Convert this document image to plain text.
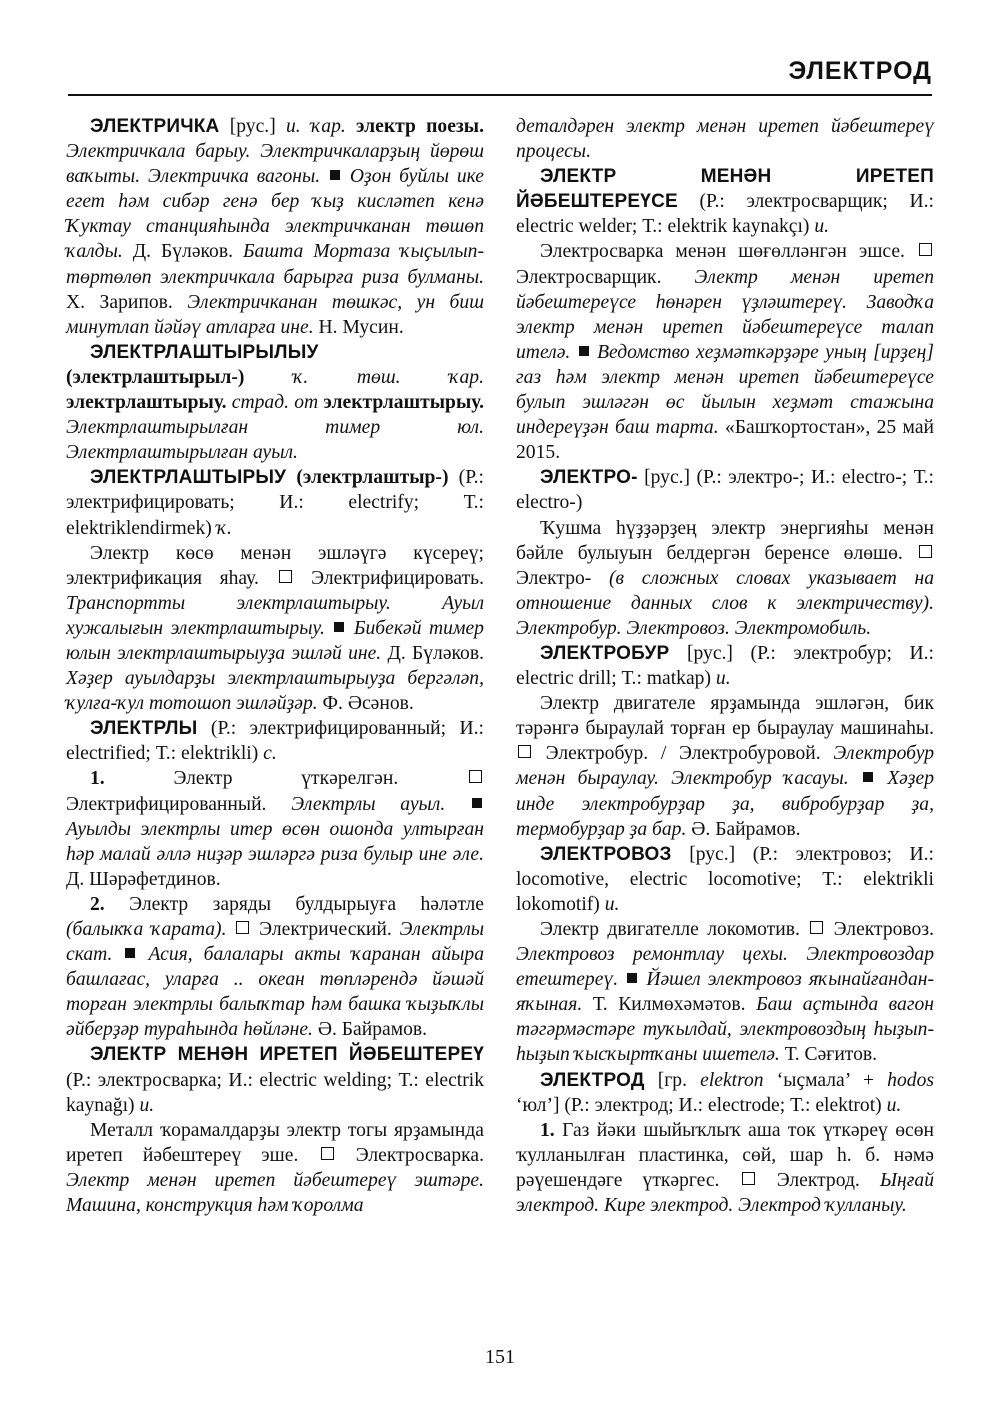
ЭЛЕКТРОД

ЭЛЕКТРИЧКА [рус.] и. ҡар. электр поезы. Электричкала барыу. Электричкаларҙың йөрөш ваҡыты. Электричка вагоны. Оҙон буйлы ике егет һәм сибәр генә бер ҡыҙ кисләтеп кенә Ҡуктау станцияһында электричканан төшөп ҡалды. Д. Бүләков. Башта Мортаза ҡыҫылып-төртөлөп электричкала барырға риза булманы. Х. Зарипов. Электричканан төшкәс, ун биш минутлап йәйәү атларға ине. Н. Мусин.

ЭЛЕКТРЛАШТЫРЫЛЫУ (электрлаштырыл-) ҡ. төш. ҡар. электрлаштырыу. страд. от электрлаштырыу. Электрлаштырылған тимер юл. Электрлаштырылған ауыл.

ЭЛЕКТРЛАШТЫРЫУ (электрлаштыр-) (Р.: электрифицировать; И.: electrify; Т.: elektriklendirmek) ҡ.

Электр көсө менән эшләүгә күсереү; электрификация яһау.  Электрифицировать. Транспортты электрлаштырыу. Ауыл хужалығын электрлаштырыу. Бибекәй тимер юлын электрлаштырыуҙа эшләй ине. Д. Бүләков. Хәҙер ауылдарҙы электрлаштырыуҙа бергәләп, ҡулға-ҡул тотошоп эшләйҙәр. Ф. Әсәнов.

ЭЛЕКТРЛЫ (Р.: электрифицированный; И.: electrified; Т.: elektrikli) с.

1. Электр үткәрелгән.  Электрифицированный. Электрлы ауыл.  Ауылды электрлы итер өсөн ошонда ултырған һәр малай әллә ниҙәр эшләргә риза булыр ине әле. Д. Шәрәфетдинов.

2. Электр заряды булдырыуға һәләтле (балыкҡа ҡарата).  Электрический. Электрлы скат. Асия, балалары акты ҡаранан айыра башлағас, уларға .. океан төпләрендә йәшәй торған электрлы балыҡтар һәм башка ҡыҙыҡлы әйберҙәр тураһында һөйләне. Ә. Байрамов.

ЭЛЕКТР МЕНӘН ИРЕТЕП ЙӘБЕШТЕРЕҮ (Р.: электросварка; И.: electric welding; Т.: electrik kaynağı) и.

Металл ҡорамалдарҙы электр тогы ярҙамында иретеп йәбештереү эше.  Электросварка. Электр менән иретеп йәбештереү эштәре. Машина, конструкция һәм ҡоролма

деталдәрен электр менән иретеп йәбештереү процесы.

ЭЛЕКТР МЕНӘН ИРЕТЕП ЙӘБЕШТЕРЕҮСЕ (Р.: электросварщик; И.: electric welder; Т.: elektrik kaynakçı) и.

Электросварка менән шөғөлләнгән эшсе.  Электросварщик. Электр менән иретеп йәбештереүсе һөнәрен үҙләштереү. Заводҡа электр менән иретеп йәбештереүсе талап ителә. Ведомство хеҙмәткәрҙәре уның [ирҙең] газ һәм электр менән иретеп йәбештереүсе булып эшләгән өс йылын хеҙмәт стажына индереүҙән баш тарта. «Башҡортостан», 25 май 2015.

ЭЛЕКТРО- [рус.] (Р.: электро-; И.: electro-; Т.: electro-)

Ҡушма һүҙҙәрҙең электр энергияһы менән бәйле булыуын белдергән беренсе өлөшө.  Электро- (в сложных словах указывает на отношение данных слов к электричеству). Электробур. Электровоз. Электромобиль.

ЭЛЕКТРОБУР [рус.] (Р.: электробур; И.: electric drill; Т.: matkap) и.

Электр двигателе ярҙамында эшләгән, бик тәрәнгә быраулай торған ер быраулау машинаһы.  Электробур. / Электробуровой. Электробур менән быраулау. Электробур ҡасауы. Хәҙер инде электробурҙар ҙа, вибробурҙар ҙа, термобурҙар ҙа бар. Ә. Байрамов.

ЭЛЕКТРОВОЗ [рус.] (Р.: электровоз; И.: locomotive, electric locomotive; Т.: elektrikli lokomotif) и.

Электр двигателле локомотив.  Электровоз. Электровоз ремонтлау цехы. Электровоздар етештереү. Йәшел электровоз яҡынайғандан-яҡыная. Т. Килмөхәмәтов. Баш аҫтында вагон тәгәрмәстәре туҡылдай, электровоздың һыҙып-һыҙып ҡысҡыртҡаны ишетелә. Т. Сәғитов.

ЭЛЕКТРОД [гр. elektron ‘ыҫмала’ + hodos ‘юл’] (Р.: электрод; И.: electrode; Т.: elektrot) и.

1. Газ йәки шыйыҡлыҡ аша ток үткәреү өсөн ҡулланылған пластинка, сөй, шар һ. б. нәмә рәүешендәге үткәргес.  Электрод. Ыңғай электрод. Кире электрод. Электрод ҡулланыу.

151
